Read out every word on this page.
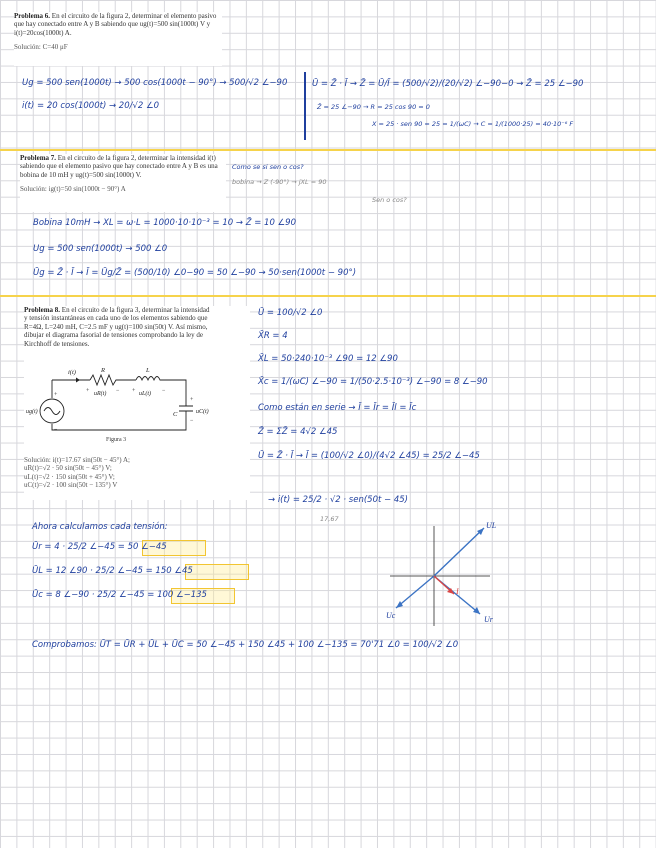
Problema 6. En el circuito de la figura 2, determinar el elemento pasivo que hay conectado entre A y B sabiendo que ug(t)=500 sin(1000t) V y i(t)=20cos(1000t) A.
Solución: C=40 μF
Ug = 500 sen(1000t) → 500 cos(1000t − 90°) → 500/√2 ∠−90
i(t) = 20 cos(1000t) → 20/√2 ∠0
Ū = Z̄ · Ī → Z̄ = Ū/Ī = (500/√2)/(20/√2) ∠−90−0 → Z̄ = 25 ∠−90
Z̄ = 25 ∠−90 → R = 25 cos 90 = 0
X = 25 · sen 90 = 25 = 1/(ωC) → C = 1/(1000·25) = 40·10⁻⁶ F
Problema 7. En el circuito de la figura 2, determinar la intensidad i(t) sabiendo que el elemento pasivo que hay conectado entre A y B es una bobina de 10 mH y ug(t)=500 sin(1000t) V.
Solución: ig(t)=50 sin(1000t − 90°) A
Como se si sen o cos?
bobina → Z (-90°) → jXL = 90
Sen o cos?
Bobina 10mH → XL = ω·L = 1000·10·10⁻³ = 10 → Z̄ = 10 ∠90
Ug = 500 sen(1000t) → 500 ∠0
Ūg = Z̄ · Ī → Ī = Ūg/Z̄ = (500/10) ∠0−90 = 50 ∠−90 → 50·sen(1000t − 90°)
Problema 8. En el circuito de la figura 3, determinar la intensidad y tensión instantáneas en cada uno de los elementos sabiendo que R=4Ω, L=240 mH, C=2.5 mF y ug(t)=100 sin(50t) V. Así mismo, dibujar el diagrama fasorial de tensiones comprobando la ley de Kirchhoff de tensiones.
+	− +	−
+
−
+
−
i(t)	R	L
C
ug(t)
uR(t)	uL(t)
uC(t)
Figura 3
Solución: i(t)=17.67 sin(50t − 45°) A;
uR(t)=√2 · 50 sin(50t − 45°) V;
uL(t)=√2 · 150 sin(50t + 45°) V;
uC(t)=√2 · 100 sin(50t − 135°) V
Ū = 100/√2 ∠0
X̄R = 4
X̄L = 50·240·10⁻³ ∠90 = 12 ∠90
X̄c = 1/(ωC) ∠−90 = 1/(50·2.5·10⁻³) ∠−90 = 8 ∠−90
Como están en serie → Ī = Īr = Īl = Īc
Z̄ = ΣZ̄ = 4√2 ∠45
Ū = Z̄ · Ī → Ī = (100/√2 ∠0)/(4√2 ∠45) = 25/2 ∠−45
→ i(t) = 25/2 · √2 · sen(50t − 45)
17,67
Ahora calculamos cada tensión:
Ūr = 4 · 25/2 ∠−45 = 50 ∠−45
ŪL = 12 ∠90 · 25/2 ∠−45 = 150 ∠45
Ūc = 8 ∠−90 · 25/2 ∠−45 = 100 ∠−135
UL
Ur
Uc
I
Comprobamos: ŪT = ŪR + ŪL + ŪC = 50 ∠−45 + 150 ∠45 + 100 ∠−135 = 70'71 ∠0 = 100/√2 ∠0
